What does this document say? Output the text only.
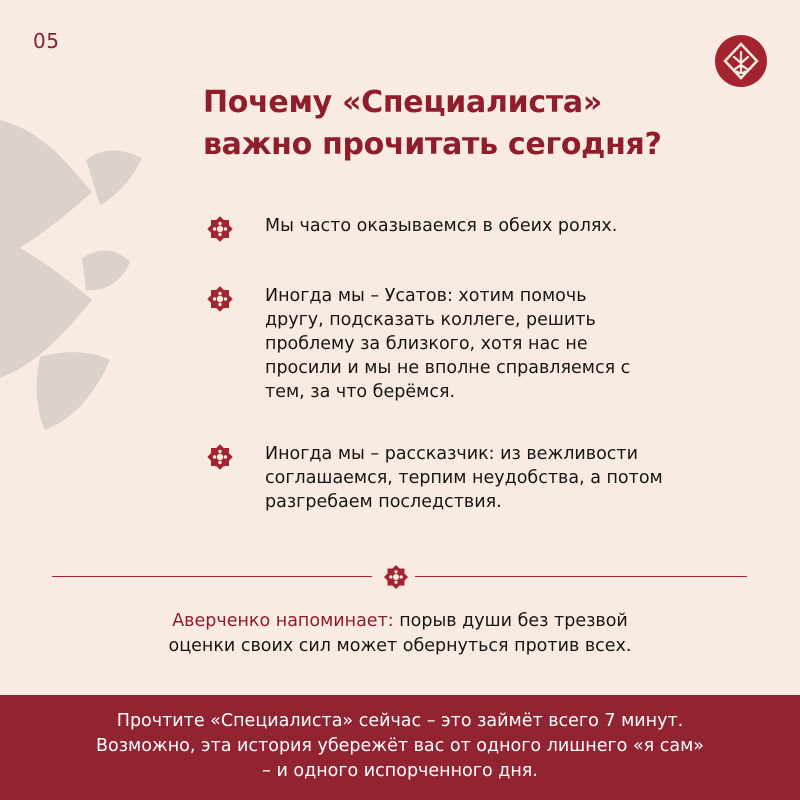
05
Почему «Специалиста»
важно прочитать сегодня?
Мы часто оказываемся в обеих ролях.
Иногда мы – Усатов: хотим помочь
другу, подсказать коллеге, решить
проблему за близкого, хотя нас не
просили и мы не вполне справляемся с
тем, за что берёмся.
Иногда мы – рассказчик: из вежливости
соглашаемся, терпим неудобства, а потом
разгребаем последствия.
Аверченко напоминает: порыв души без трезвой
оценки своих сил может обернуться против всех.
Прочтите «Специалиста» сейчас – это займёт всего 7 минут.
Возможно, эта история убережёт вас от одного лишнего «я сам»
– и одного испорченного дня.
